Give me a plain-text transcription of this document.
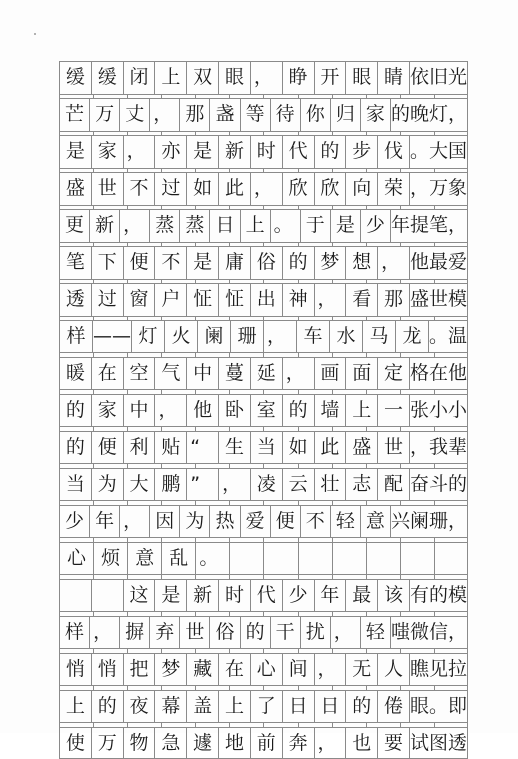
缓 缓 闭 上 双 眼 ， 睁 开 眼 睛 依旧光
芒 万 丈 ， 那 盏 等 待 你 归 家 的晚灯，
是 家 ， 亦 是 新 时 代 的 步 伐 。大国
盛 世 不 过 如 此 ， 欣 欣 向 荣 ，万象
更 新 ， 蒸 蒸 日 上 。 于 是 少 年提笔，
笔 下 便 不 是 庸 俗 的 梦 想 ， 他最爱
透 过 窗 户 怔 怔 出 神 ， 看 那 盛世模
样 —— 灯 火 阑 珊 ， 车 水 马 龙 。温
暖 在 空 气 中 蔓 延 ， 画 面 定 格在他
的 家 中 ， 他 卧 室 的 墙 上 一 张小小
的 便 利 贴 “	生 当 如 此 盛 世 ，我辈
当 为 大 鹏 ”	， 凌 云 壮 志 配 奋斗的
少 年 ， 因 为 热 爱 便 不 轻 意 兴阑珊，
心 烦 意 乱 。
这 是 新 时 代 少 年 最 该 有的模
样 ， 摒 弃 世 俗 的 干 扰 ， 轻 嗤微信，
悄 悄 把 梦 藏 在 心 间 ， 无 人 瞧见拉
上 的 夜 幕 盖 上 了 日 日 的 倦 眼。即
使 万 物 急 遽 地 前 奔 ， 也 要 试图透
